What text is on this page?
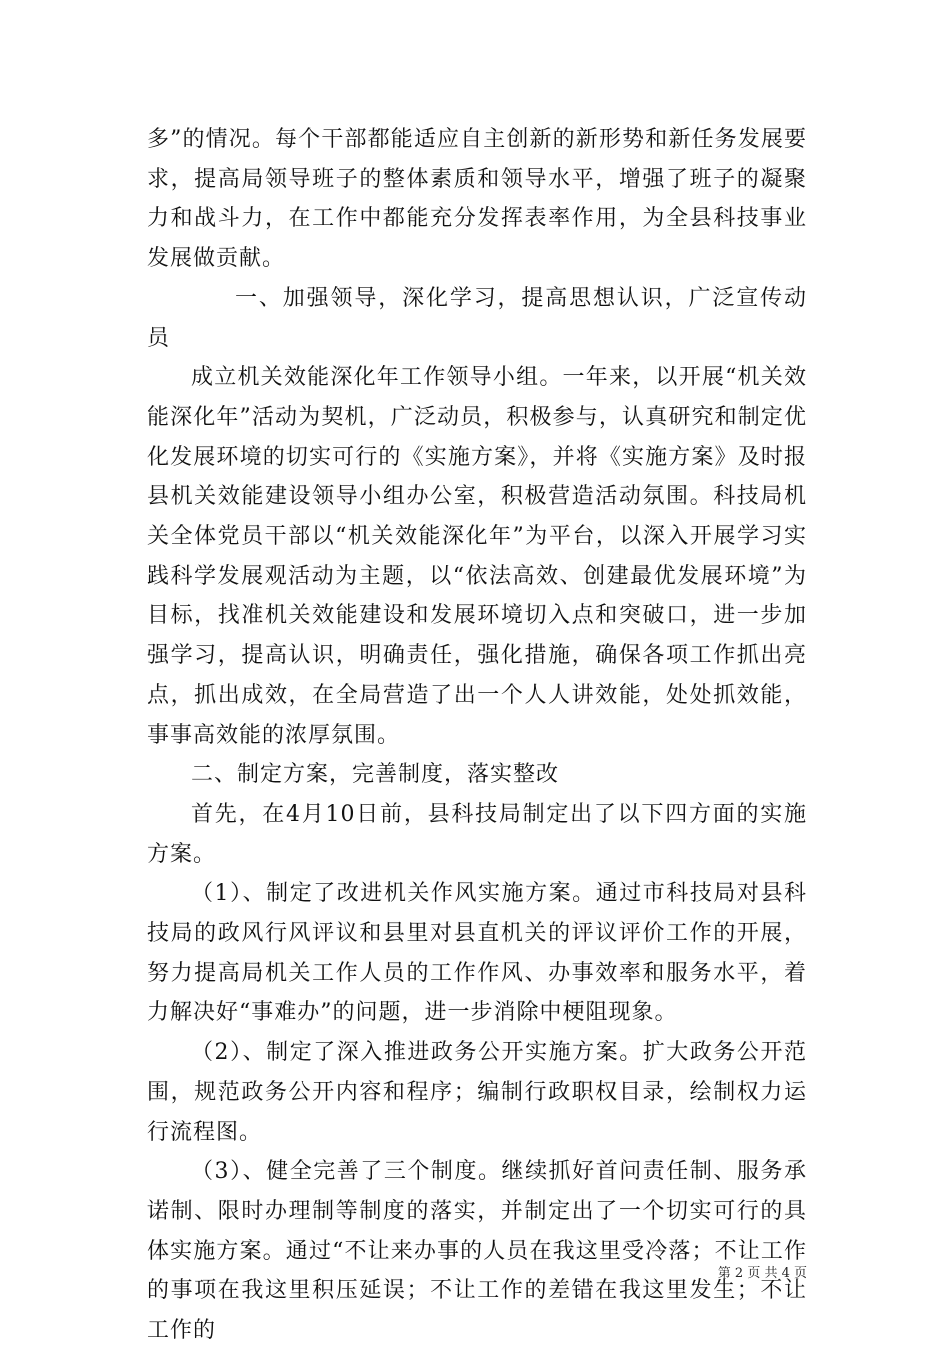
多”的情况。每个干部都能适应自主创新的新形势和新任务发展要求，提高局领导班子的整体素质和领导水平，增强了班子的凝聚力和战斗力，在工作中都能充分发挥表率作用，为全县科技事业发展做贡献。

一、加强领导，深化学习，提高思想认识，广泛宣传动员

成立机关效能深化年工作领导小组。一年来，以开展“机关效能深化年”活动为契机，广泛动员，积极参与，认真研究和制定优化发展环境的切实可行的《实施方案》，并将《实施方案》及时报县机关效能建设领导小组办公室，积极营造活动氛围。科技局机关全体党员干部以“机关效能深化年”为平台，以深入开展学习实践科学发展观活动为主题，以“依法高效、创建最优发展环境”为目标，找准机关效能建设和发展环境切入点和突破口，进一步加强学习，提高认识，明确责任，强化措施，确保各项工作抓出亮点，抓出成效，在全局营造了出一个人人讲效能，处处抓效能，事事高效能的浓厚氛围。

二、制定方案，完善制度，落实整改

首先，在4月10日前，县科技局制定出了以下四方面的实施方案。

（1）、制定了改进机关作风实施方案。通过市科技局对县科技局的政风行风评议和县里对县直机关的评议评价工作的开展，努力提高局机关工作人员的工作作风、办事效率和服务水平，着力解决好“事难办”的问题，进一步消除中梗阻现象。

（2）、制定了深入推进政务公开实施方案。扩大政务公开范围，规范政务公开内容和程序；编制行政职权目录，绘制权力运行流程图。

（3）、健全完善了三个制度。继续抓好首问责任制、服务承诺制、限时办理制等制度的落实，并制定出了一个切实可行的具体实施方案。通过“不让来办事的人员在我这里受冷落；不让工作的事项在我这里积压延误；不让工作的差错在我这里发生；不让工作的

第 2 页 共 4 页
